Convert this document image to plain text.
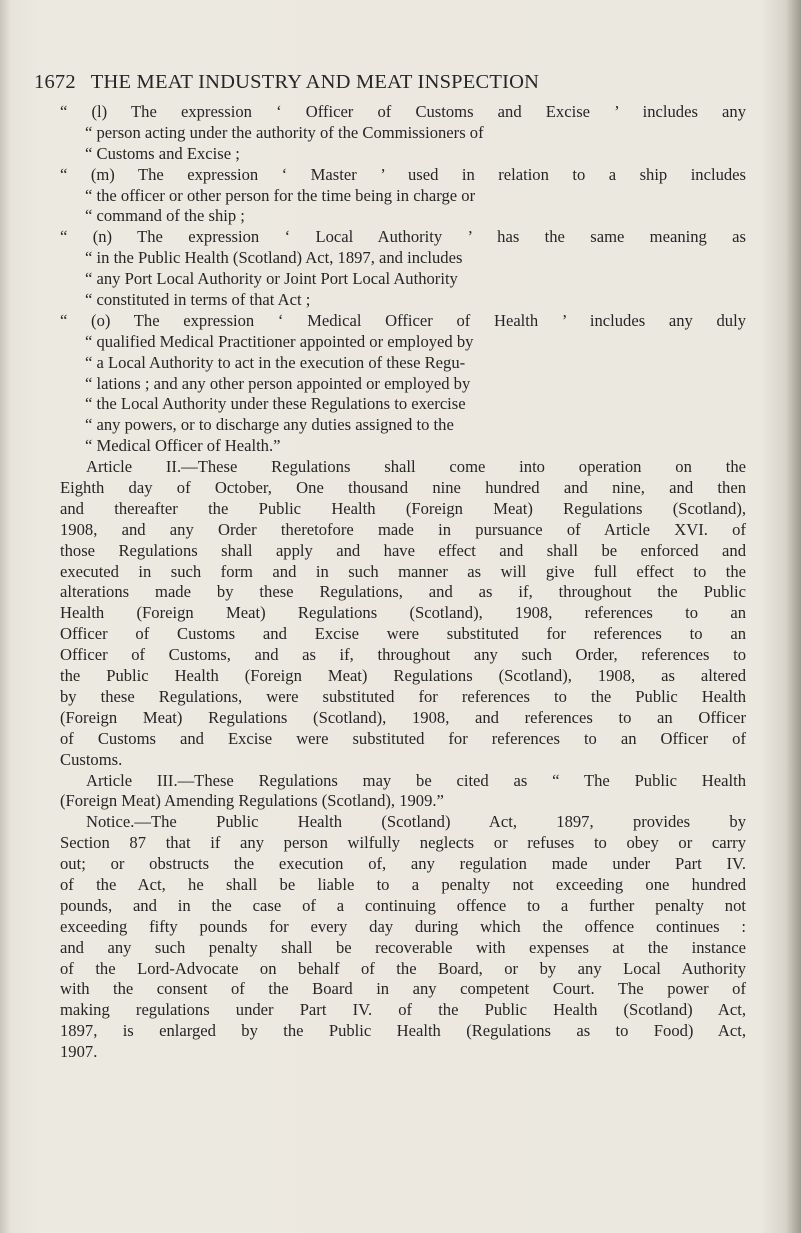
1672 THE MEAT INDUSTRY AND MEAT INSPECTION
“ (l) The expression ‘ Officer of Customs and Excise ’ includes any
“ person acting under the authority of the Commissioners of
“ Customs and Excise ;
“ (m) The expression ‘ Master ’ used in relation to a ship includes
“ the officer or other person for the time being in charge or
“ command of the ship ;
“ (n) The expression ‘ Local Authority ’ has the same meaning as
“ in the Public Health (Scotland) Act, 1897, and includes
“ any Port Local Authority or Joint Port Local Authority
“ constituted in terms of that Act ;
“ (o) The expression ‘ Medical Officer of Health ’ includes any duly
“ qualified Medical Practitioner appointed or employed by
“ a Local Authority to act in the execution of these Regu-
“ lations ; and any other person appointed or employed by
“ the Local Authority under these Regulations to exercise
“ any powers, or to discharge any duties assigned to the
“ Medical Officer of Health.”
Article II.—These Regulations shall come into operation on the
Eighth day of October, One thousand nine hundred and nine, and then
and thereafter the Public Health (Foreign Meat) Regulations (Scotland),
1908, and any Order theretofore made in pursuance of Article XVI. of
those Regulations shall apply and have effect and shall be enforced and
executed in such form and in such manner as will give full effect to the
alterations made by these Regulations, and as if, throughout the Public
Health (Foreign Meat) Regulations (Scotland), 1908, references to an
Officer of Customs and Excise were substituted for references to an
Officer of Customs, and as if, throughout any such Order, references to
the Public Health (Foreign Meat) Regulations (Scotland), 1908, as altered
by these Regulations, were substituted for references to the Public Health
(Foreign Meat) Regulations (Scotland), 1908, and references to an Officer
of Customs and Excise were substituted for references to an Officer of
Customs.
Article III.—These Regulations may be cited as “ The Public Health
(Foreign Meat) Amending Regulations (Scotland), 1909.”
Notice.—The Public Health (Scotland) Act, 1897, provides by
Section 87 that if any person wilfully neglects or refuses to obey or carry
out; or obstructs the execution of, any regulation made under Part IV.
of the Act, he shall be liable to a penalty not exceeding one hundred
pounds, and in the case of a continuing offence to a further penalty not
exceeding fifty pounds for every day during which the offence continues :
and any such penalty shall be recoverable with expenses at the instance
of the Lord-Advocate on behalf of the Board, or by any Local Authority
with the consent of the Board in any competent Court. The power of
making regulations under Part IV. of the Public Health (Scotland) Act,
1897, is enlarged by the Public Health (Regulations as to Food) Act,
1907.
